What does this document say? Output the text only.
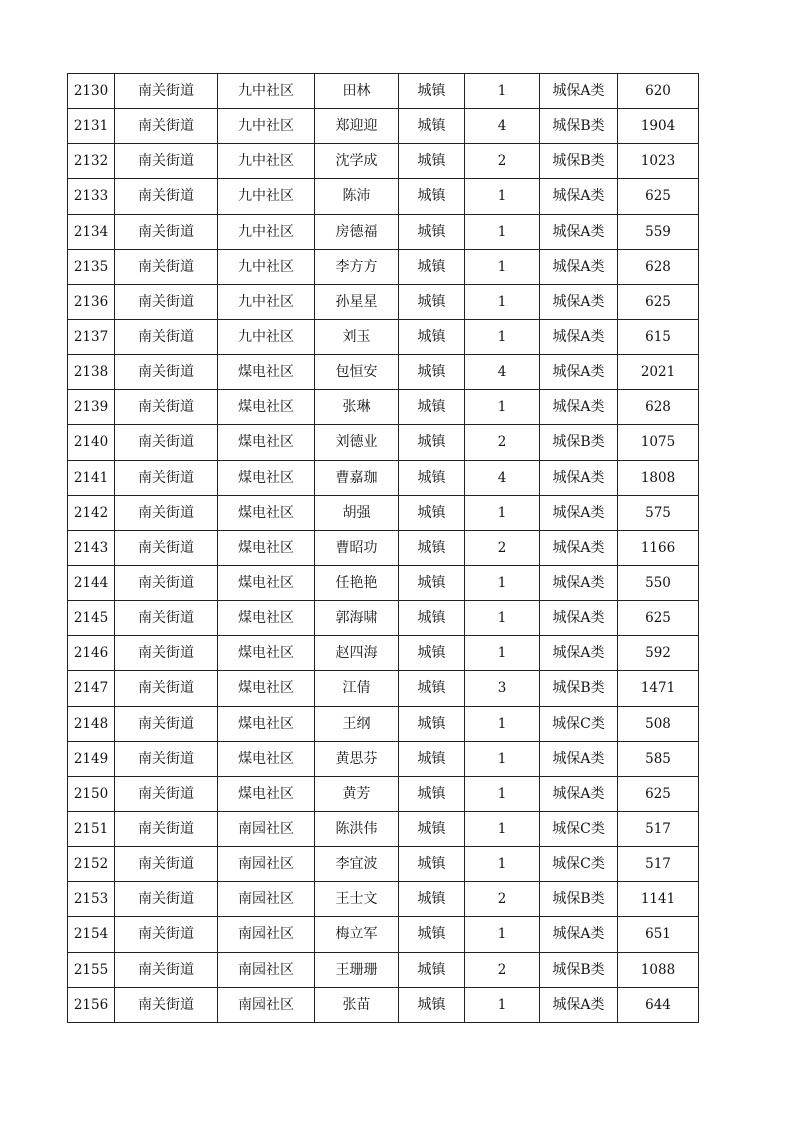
2130	南关街道	九中社区	田林	城镇	1	城保A类	620
2131	南关街道	九中社区	郑迎迎	城镇	4	城保B类	1904
2132	南关街道	九中社区	沈学成	城镇	2	城保B类	1023
2133	南关街道	九中社区	陈沛	城镇	1	城保A类	625
2134	南关街道	九中社区	房德福	城镇	1	城保A类	559
2135	南关街道	九中社区	李方方	城镇	1	城保A类	628
2136	南关街道	九中社区	孙星星	城镇	1	城保A类	625
2137	南关街道	九中社区	刘玉	城镇	1	城保A类	615
2138	南关街道	煤电社区	包恒安	城镇	4	城保A类	2021
2139	南关街道	煤电社区	张琳	城镇	1	城保A类	628
2140	南关街道	煤电社区	刘德业	城镇	2	城保B类	1075
2141	南关街道	煤电社区	曹嘉珈	城镇	4	城保A类	1808
2142	南关街道	煤电社区	胡强	城镇	1	城保A类	575
2143	南关街道	煤电社区	曹昭功	城镇	2	城保A类	1166
2144	南关街道	煤电社区	任艳艳	城镇	1	城保A类	550
2145	南关街道	煤电社区	郭海啸	城镇	1	城保A类	625
2146	南关街道	煤电社区	赵四海	城镇	1	城保A类	592
2147	南关街道	煤电社区	江倩	城镇	3	城保B类	1471
2148	南关街道	煤电社区	王纲	城镇	1	城保C类	508
2149	南关街道	煤电社区	黄思芬	城镇	1	城保A类	585
2150	南关街道	煤电社区	黄芳	城镇	1	城保A类	625
2151	南关街道	南园社区	陈洪伟	城镇	1	城保C类	517
2152	南关街道	南园社区	李宜波	城镇	1	城保C类	517
2153	南关街道	南园社区	王士文	城镇	2	城保B类	1141
2154	南关街道	南园社区	梅立军	城镇	1	城保A类	651
2155	南关街道	南园社区	王珊珊	城镇	2	城保B类	1088
2156	南关街道	南园社区	张苗	城镇	1	城保A类	644
